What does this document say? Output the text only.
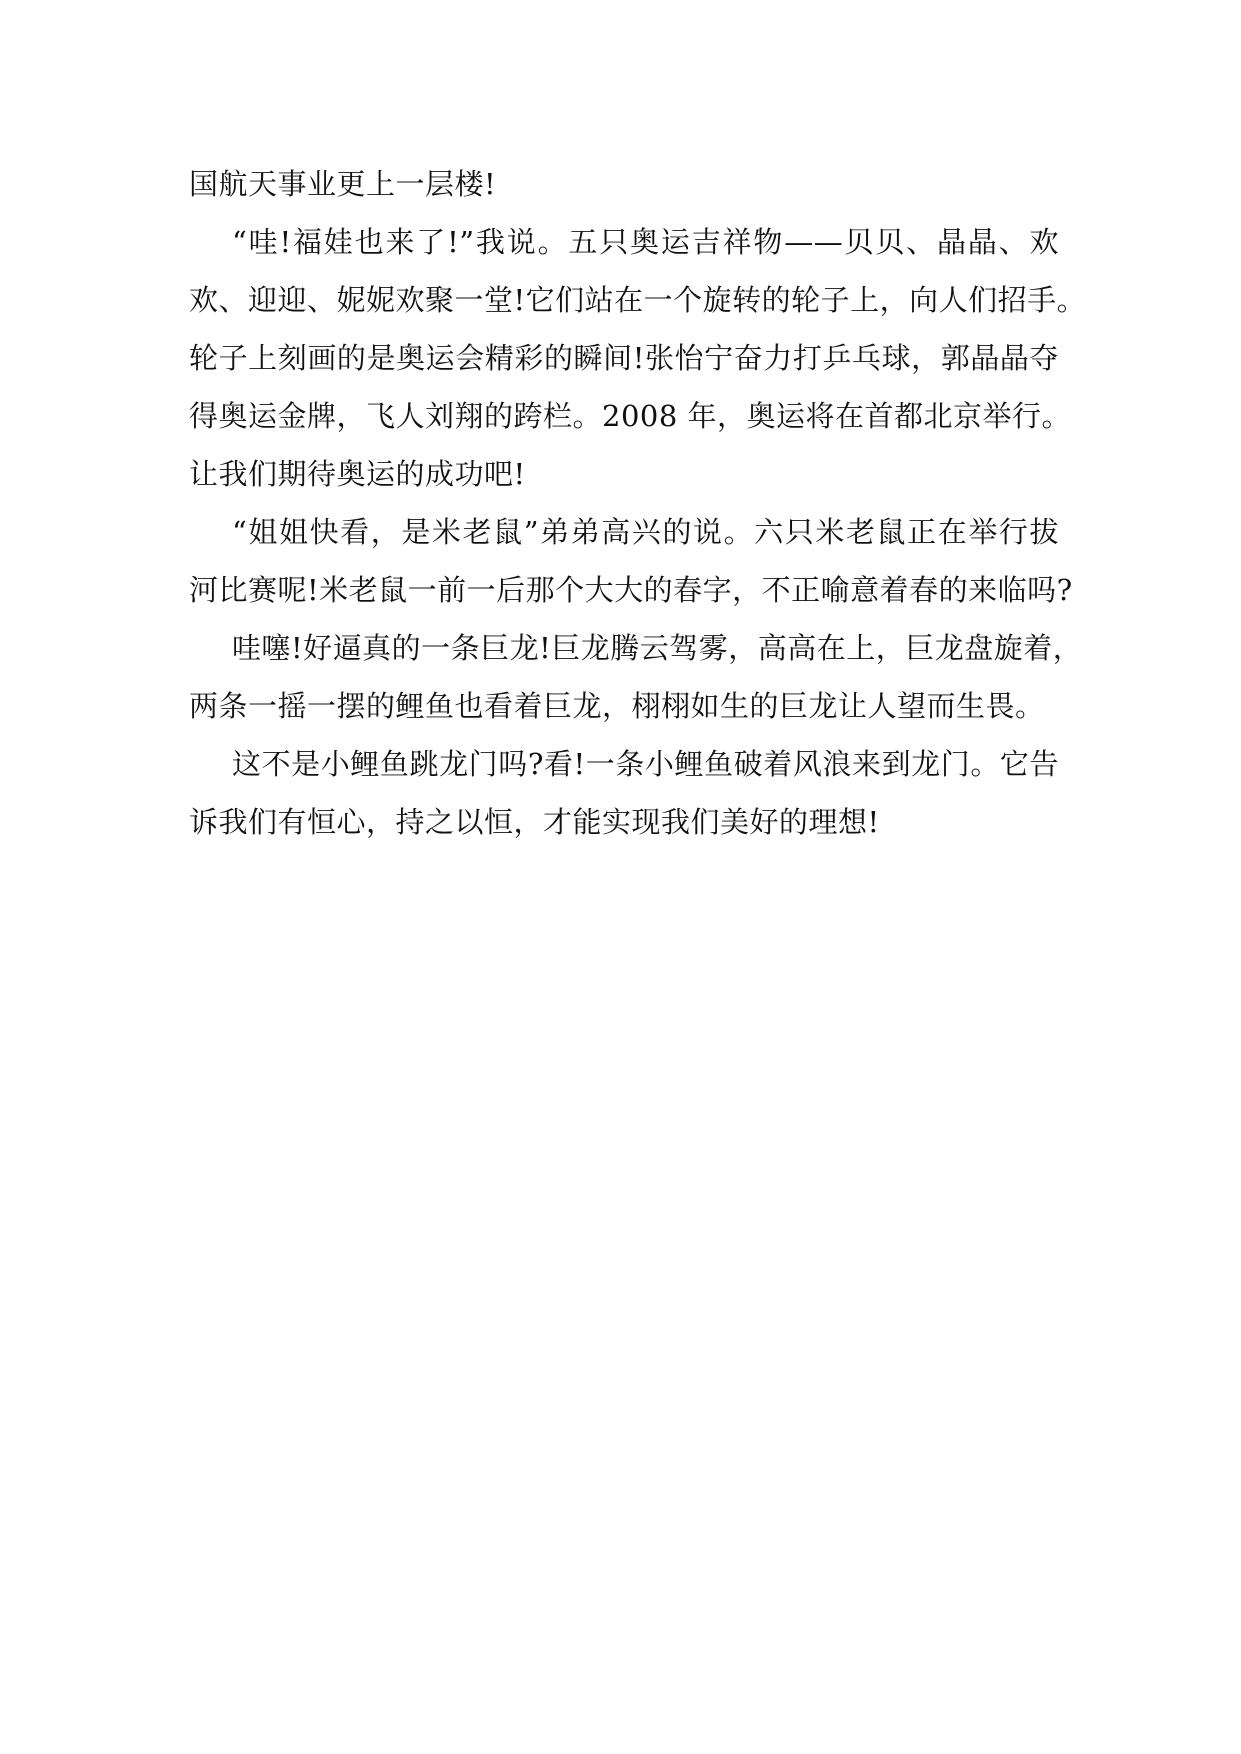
国航天事业更上一层楼!
“哇!福娃也来了!”我说。五只奥运吉祥物——贝贝、晶晶、欢
欢、迎迎、妮妮欢聚一堂!它们站在一个旋转的轮子上，向人们招手。
轮子上刻画的是奥运会精彩的瞬间!张怡宁奋力打乒乓球，郭晶晶夺
得奥运金牌，飞人刘翔的跨栏。2008 年，奥运将在首都北京举行。
让我们期待奥运的成功吧!
“姐姐快看，是米老鼠”弟弟高兴的说。六只米老鼠正在举行拔
河比赛呢!米老鼠一前一后那个大大的春字，不正喻意着春的来临吗?
哇噻!好逼真的一条巨龙!巨龙腾云驾雾，高高在上，巨龙盘旋着，
两条一摇一摆的鲤鱼也看着巨龙，栩栩如生的巨龙让人望而生畏。
这不是小鲤鱼跳龙门吗?看!一条小鲤鱼破着风浪来到龙门。它告
诉我们有恒心，持之以恒，才能实现我们美好的理想!
